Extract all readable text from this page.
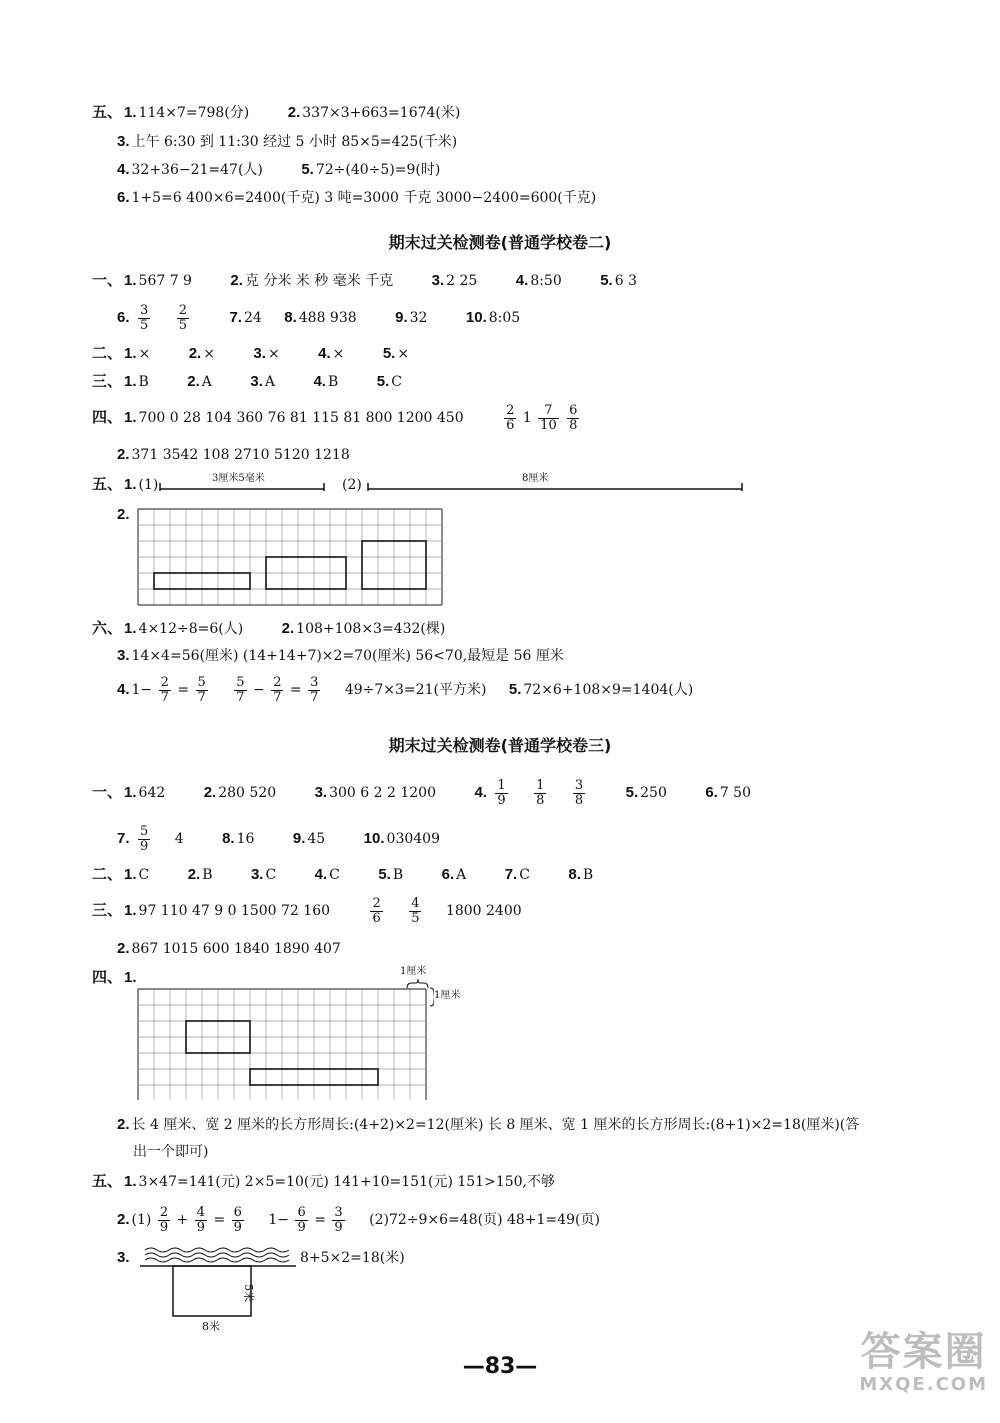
五、 1. 114×7=798(分)	2. 337×3+663=1674(米)
3. 上午 6:30 到 11:30 经过 5 小时 85×5=425(千米)
4. 32+36−21=47(人)	5. 72÷(40÷5)=9(时)
6. 1+5=6 400×6=2400(千克) 3 吨=3000 千克 3000−2400=600(千克)
期末过关检测卷(普通学校卷二)
一、 1. 567 7 9	2. 克 分米 米 秒 毫米 千克	3. 2 25	4. 8:50	5. 6 3
6. $\frac{3}{5}$
$\frac{2}{5}$	7. 24 8. 488 938	9. 32	10. 8:05
二、 1. ×	2. ×	3. ×	4. ×	5. ×
三、 1. B	2. A	3. A	4. B	5. C
四、 1. 700 0 28 104 360 76 81 115 81 800 1200 450	$\frac{2}{6} 1 \frac{7}{10}$
$\frac{6}{8}$
2. 371 3542 108 2710 5120 1218
五、 1. (1)	(2)
3厘米5毫米	8厘米
2.
六、 1. 4×12÷8=6(人)	2. 108+108×3=432(棵)
3. 14×4=56(厘米) (14+14+7)×2=70(厘米) 56<70,最短是 56 厘米
4. $1- \frac{2}{7} = \frac{5}{7}$
$\frac{5}{7} - \frac{2}{7} = \frac{3}{7} 49\div 7\times 3=21$(平方米) 5. 72×6+108×9=1404(人)
期末过关检测卷(普通学校卷三)
一、 1. 642	2. 280 520	3. 300 6 2 2 1200	4. $\frac{1}{9}$
$\frac{1}{8}$
$\frac{3}{8}$	5. 250	6. 7 50
7. $\frac{5}{9} 4$	8. 16	9. 45	10. 030409
二、 1. C	2. B	3. C	4. C	5. B	6. A	7. C	8. B
三、 1. 97 110 47 9 0 1500 72 160	$\frac{2}{6}$
$\frac{4}{5} 1800$ 2400
2. 867 1015 600 1840 1890 407
四、 1.	1厘米
1厘米
2. 长 4 厘米、宽 2 厘米的长方形周长:(4+2)×2=12(厘米) 长 8 厘米、宽 1 厘米的长方形周长:(8+1)×2=18(厘米)(答
出一个即可)
五、 1. 3×47=141(元) 2×5=10(元) 141+10=151(元) 151>150,不够
2. $(1) \frac{2}{9} + \frac{4}{9} = \frac{6}{9} 1- \frac{6}{9} = \frac{3}{9} (2)72\div 9\times 6=48$(页) 48+1=49(页)
3.	8+5×2=18(米)
5米
8米
—83—	答案圈
MXQE.COM
